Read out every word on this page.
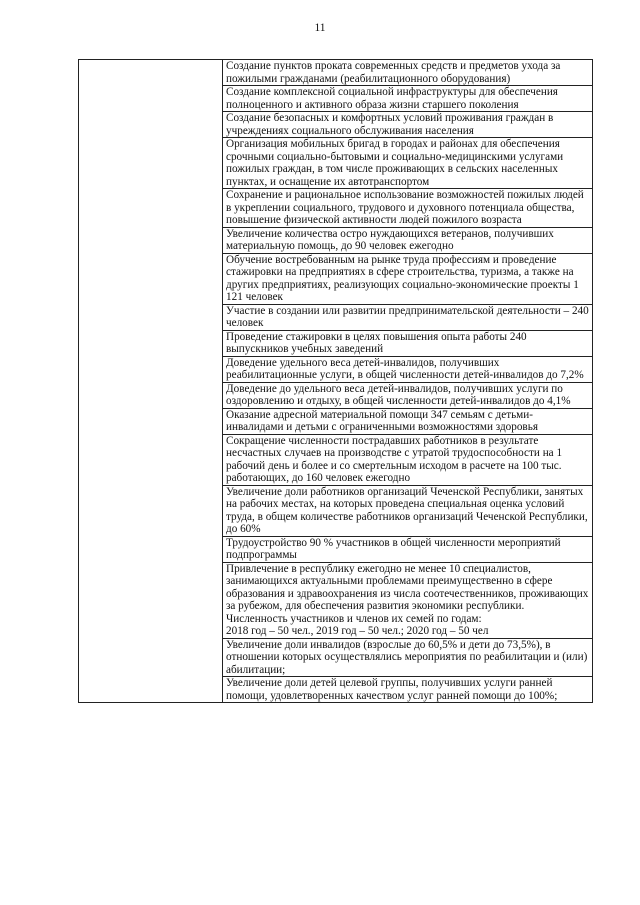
11
	Создание пунктов проката современных средств и предметов ухода за пожилыми гражданами (реабилитационного оборудования)
Создание комплексной социальной инфраструктуры для обеспечения полноценного и активного образа жизни старшего поколения
Создание безопасных и комфортных условий проживания граждан в учреждениях социального обслуживания населения
Организация мобильных бригад в городах и районах для обеспечения срочными социально-бытовыми и социально-медицинскими услугами пожилых граждан, в том числе проживающих в сельских населенных пунктах, и оснащение их автотранспортом
Сохранение и рациональное использование возможностей пожилых людей в укреплении социального, трудового и духовного потенциала общества, повышение физической активности людей пожилого возраста
Увеличение количества остро нуждающихся ветеранов, получивших материальную помощь, до 90 человек ежегодно
Обучение востребованным на рынке труда профессиям и проведение стажировки на предприятиях в сфере строительства, туризма, а также на других предприятиях, реализующих социально-экономические проекты 1 121 человек
Участие в создании или развитии предпринимательской деятельности – 240 человек
Проведение стажировки в целях повышения опыта работы 240 выпускников учебных заведений
Доведение удельного веса детей-инвалидов, получивших реабилитационные услуги, в общей численности детей-инвалидов до 7,2%
Доведение до удельного веса детей-инвалидов, получивших услуги по оздоровлению и отдыху, в общей численности детей-инвалидов до 4,1%
Оказание адресной материальной помощи 347 семьям с детьми-инвалидами и детьми с ограниченными возможностями здоровья
Сокращение численности пострадавших работников в результате несчастных случаев на производстве с утратой трудоспособности на 1 рабочий день и более и со смертельным исходом в расчете на 100 тыс. работающих, до 160 человек ежегодно
Увеличение доли работников организаций Чеченской Республики, занятых на рабочих местах, на которых проведена специальная оценка условий труда, в общем количестве работников организаций Чеченской Республики, до 60%
Трудоустройство 90 % участников в общей численности мероприятий подпрограммы
Привлечение в республику ежегодно не менее 10 специалистов, занимающихся актуальными проблемами преимущественно в сфере образования и здравоохранения из числа соотечественников, проживающих за рубежом, для обеспечения развития экономики республики.
Численность участников и членов их семей по годам:
2018 год – 50 чел., 2019 год – 50 чел.; 2020 год – 50 чел
Увеличение доли инвалидов (взрослые до 60,5% и дети до 73,5%), в отношении которых осуществлялись мероприятия по реабилитации и (или) абилитации;
Увеличение доли детей целевой группы, получивших услуги ранней помощи, удовлетворенных качеством услуг ранней помощи до 100%;
